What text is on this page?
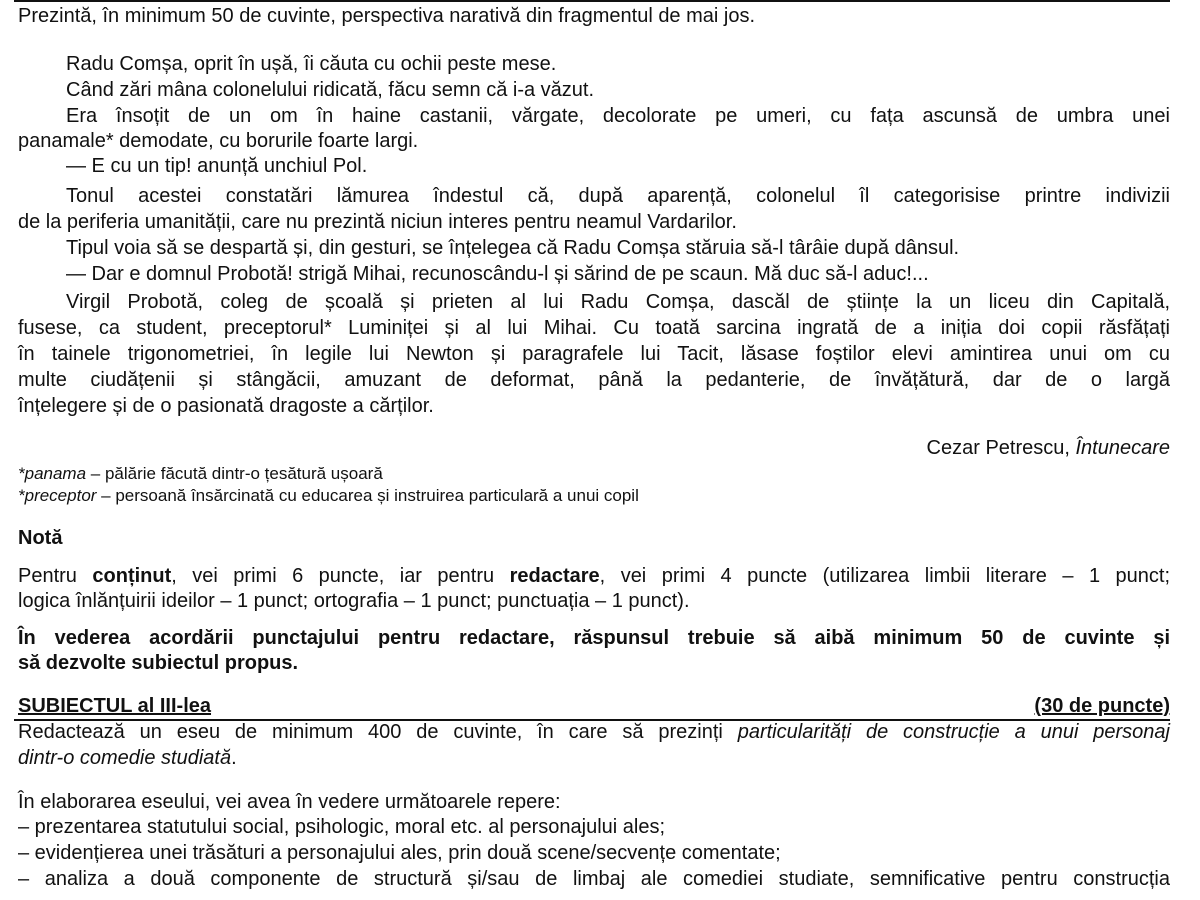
Prezintă, în minimum 50 de cuvinte, perspectiva narativă din fragmentul de mai jos.
Radu Comșa, oprit în ușă, îi căuta cu ochii peste mese.
Când zări mâna colonelului ridicată, făcu semn că i-a văzut.
Era însoțit de un om în haine castanii, vărgate, decolorate pe umeri, cu fața ascunsă de umbra unei
panamale* demodate, cu borurile foarte largi.
— E cu un tip! anunță unchiul Pol.
Tonul acestei constatări lămurea îndestul că, după aparență, colonelul îl categorisise printre indivizii
de la periferia umanității, care nu prezintă niciun interes pentru neamul Vardarilor.
Tipul voia să se despartă și, din gesturi, se înțelegea că Radu Comșa stăruia să-l târâie după dânsul.
— Dar e domnul Probotă! strigă Mihai, recunoscându-l și sărind de pe scaun. Mă duc să-l aduc!...
Virgil Probotă, coleg de școală și prieten al lui Radu Comșa, dascăl de științe la un liceu din Capitală,
fusese, ca student, preceptorul* Luminiței și al lui Mihai. Cu toată sarcina ingrată de a iniția doi copii răsfățați
în tainele trigonometriei, în legile lui Newton și paragrafele lui Tacit, lăsase foștilor elevi amintirea unui om cu
multe ciudățenii și stângăcii, amuzant de deformat, până la pedanterie, de învățătură, dar de o largă
înțelegere și de o pasionată dragoste a cărților.
Cezar Petrescu, Întunecare
*panama – pălărie făcută dintr-o țesătură ușoară
*preceptor – persoană însărcinată cu educarea și instruirea particulară a unui copil
Notă
Pentru conținut, vei primi 6 puncte, iar pentru redactare, vei primi 4 puncte (utilizarea limbii literare – 1 punct;
logica înlănțuirii ideilor – 1 punct; ortografia – 1 punct; punctuația – 1 punct).
În vederea acordării punctajului pentru redactare, răspunsul trebuie să aibă minimum 50 de cuvinte și
să dezvolte subiectul propus.
SUBIECTUL al III-lea	(30 de puncte)
Redactează un eseu de minimum 400 de cuvinte, în care să prezinți particularități de construcție a unui personaj
dintr-o comedie studiată.
În elaborarea eseului, vei avea în vedere următoarele repere:
– prezentarea statutului social, psihologic, moral etc. al personajului ales;
– evidențierea unei trăsături a personajului ales, prin două scene/secvențe comentate;
– analiza a două componente de structură și/sau de limbaj ale comediei studiate, semnificative pentru construcția
